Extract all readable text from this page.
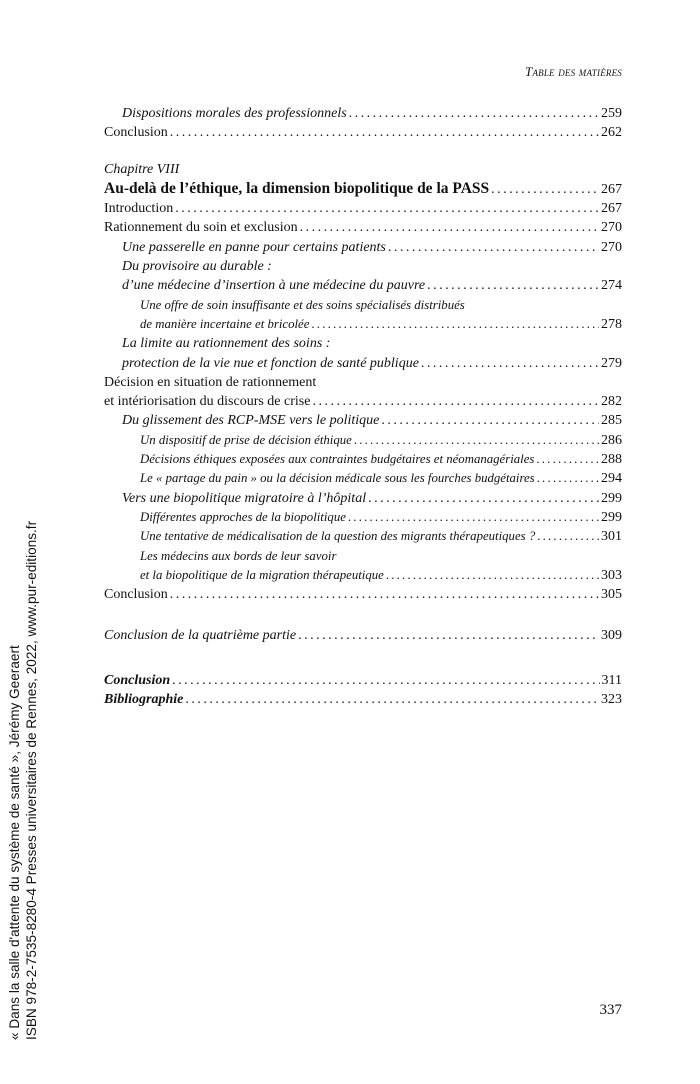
Table des matières
Dispositions morales des professionnels . . .	259
Conclusion . . .	262
Chapitre VIII
Au-delà de l’éthique, la dimension biopolitique de la PASS . . .	267
Introduction . . .	267
Rationnement du soin et exclusion . . .	270
Une passerelle en panne pour certains patients . . .	270
Du provisoire au durable :
d’une médecine d’insertion à une médecine du pauvre . . .	274
Une offre de soin insuffisante et des soins spécialisés distribués
de manière incertaine et bricolée . . .	278
La limite au rationnement des soins :
protection de la vie nue et fonction de santé publique . . .	279
Décision en situation de rationnement
et intériorisation du discours de crise . . .	282
Du glissement des RCP-MSE vers le politique . . .	285
Un dispositif de prise de décision éthique . . .	286
Décisions éthiques exposées aux contraintes budgétaires et néomanagériales . . .	288
Le « partage du pain » ou la décision médicale sous les fourches budgétaires . . .	294
Vers une biopolitique migratoire à l’hôpital . . .	299
Différentes approches de la biopolitique . . .	299
Une tentative de médicalisation de la question des migrants thérapeutiques ? . . .	301
Les médecins aux bords de leur savoir
et la biopolitique de la migration thérapeutique . . .	303
Conclusion . . .	305
Conclusion de la quatrième partie . . .	309
Conclusion . . .	311
Bibliographie . . .	323
« Dans la salle d'attente du système de santé », Jérémy Geeraert ISBN 978-2-7535-8280-4 Presses universitaires de Rennes, 2022, www.pur-editions.fr	337
